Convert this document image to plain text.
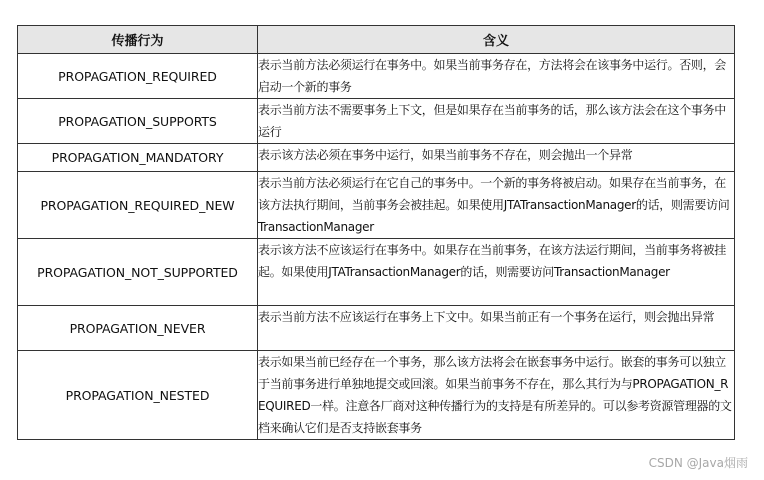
传播行为	含义
PROPAGATION_REQUIRED	表示当前方法必须运行在事务中。如果当前事务存在，方法将会在该事务中运行。否则，会启动一个新的事务
PROPAGATION_SUPPORTS	表示当前方法不需要事务上下文，但是如果存在当前事务的话，那么该方法会在这个事务中运行
PROPAGATION_MANDATORY	表示该方法必须在事务中运行，如果当前事务不存在，则会抛出一个异常
PROPAGATION_REQUIRED_NEW	表示当前方法必须运行在它自己的事务中。一个新的事务将被启动。如果存在当前事务，在该方法执行期间，当前事务会被挂起。如果使用JTATransactionManager的话，则需要访问TransactionManager
PROPAGATION_NOT_SUPPORTED	表示该方法不应该运行在事务中。如果存在当前事务，在该方法运行期间，当前事务将被挂起。如果使用JTATransactionManager的话，则需要访问TransactionManager
PROPAGATION_NEVER	表示当前方法不应该运行在事务上下文中。如果当前正有一个事务在运行，则会抛出异常
PROPAGATION_NESTED	表示如果当前已经存在一个事务，那么该方法将会在嵌套事务中运行。嵌套的事务可以独立于当前事务进行单独地提交或回滚。如果当前事务不存在，那么其行为与PROPAGATION_REQUIRED一样。注意各厂商对这种传播行为的支持是有所差异的。可以参考资源管理器的文档来确认它们是否支持嵌套事务
CSDN @Java烟雨
